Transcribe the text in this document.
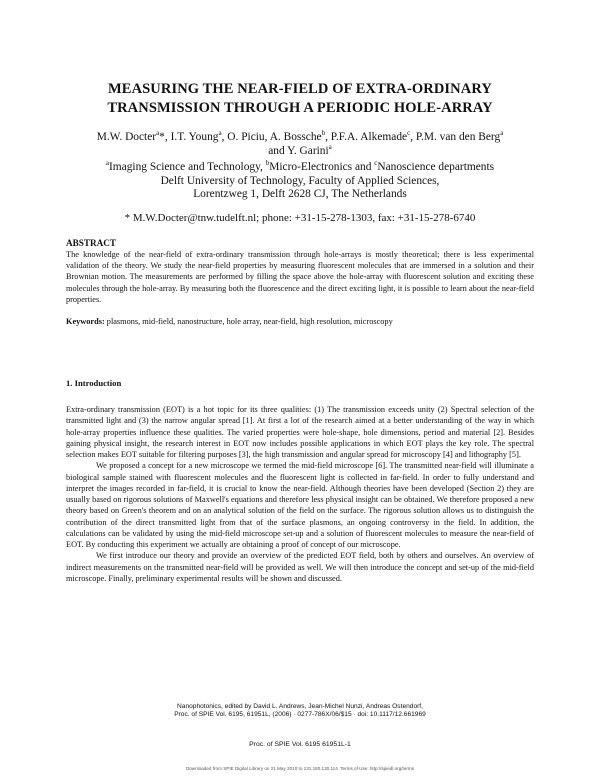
MEASURING THE NEAR-FIELD OF EXTRA-ORDINARY
TRANSMISSION THROUGH A PERIODIC HOLE-ARRAY
M.W. Docter$^a$*, I.T. Young$^a$, O. Piciu, A. Bossche$^b$, P.F.A. Alkemade$^c$, P.M. van den Berg$^a$
and Y. Garini$^a$
$^a$Imaging Science and Technology, $^b$Micro-Electronics and $^c$Nanoscience departments
Delft University of Technology, Faculty of Applied Sciences,
Lorentzweg 1, Delft 2628 CJ, The Netherlands
* M.W.Docter@tnw.tudelft.nl; phone: +31-15-278-1303, fax: +31-15-278-6740
ABSTRACT
The knowledge of the near-field of extra-ordinary transmission through hole-arrays is mostly theoretical; there is less experimental validation of the theory. We study the near-field properties by measuring fluorescent molecules that are immersed in a solution and their Brownian motion. The measurements are performed by filling the space above the hole-array with fluorescent solution and exciting these molecules through the hole-array. By measuring both the fluorescence and the direct exciting light, it is possible to learn about the near-field properties.
Keywords: plasmons, mid-field, nanostructure, hole array, near-field, high resolution, microscopy
1. Introduction

Extra-ordinary transmission (EOT) is a hot topic for its three qualities: (1) The transmission exceeds unity (2) Spectral selection of the transmitted light and (3) the narrow angular spread [1]. At first a lot of the research aimed at a better understanding of the way in which hole-array properties influence these qualities. The varied properties were hole-shape, hole dimensions, period and material [2]. Besides gaining physical insight, the research interest in EOT now includes possible applications in which EOT plays the key role. The spectral selection makes EOT suitable for filtering purposes [3], the high transmission and angular spread for microscopy [4] and lithography [5].

We proposed a concept for a new microscope we termed the mid-field microscope [6]. The transmitted near-field will illuminate a biological sample stained with fluorescent molecules and the fluorescent light is collected in far-field. In order to fully understand and interpret the images recorded in far-field, it is crucial to know the near-field. Although theories have been developed (Section 2) they are usually based on rigorous solutions of Maxwell's equations and therefore less physical insight can be obtained. We therefore proposed a new theory based on Green's theorem and on an analytical solution of the field on the surface. The rigorous solution allows us to distinguish the contribution of the direct transmitted light from that of the surface plasmons, an ongoing controversy in the field. In addition, the calculations can be validated by using the mid-field microscope set-up and a solution of fluorescent molecules to measure the near-field of EOT. By conducting this experiment we actually are obtaining a proof of concept of our microscope.

We first introduce our theory and provide an overview of the predicted EOT field, both by others and ourselves. An overview of indirect measurements on the transmitted near-field will be provided as well. We will then introduce the concept and set-up of the mid-field microscope. Finally, preliminary experimental results will be shown and discussed.

Nanophotonics, edited by David L. Andrews, Jean-Michel Nunzi, Andreas Ostendorf,
Proc. of SPIE Vol. 6195, 61951L, (2006) · 0277-786X/06/$15 · doi: 10.1117/12.661969
Proc. of SPIE Vol. 6195 61951L-1
Downloaded from SPIE Digital Library on 21 May 2010 to 131.180.130.114. Terms of Use: http://spiedl.org/terms
